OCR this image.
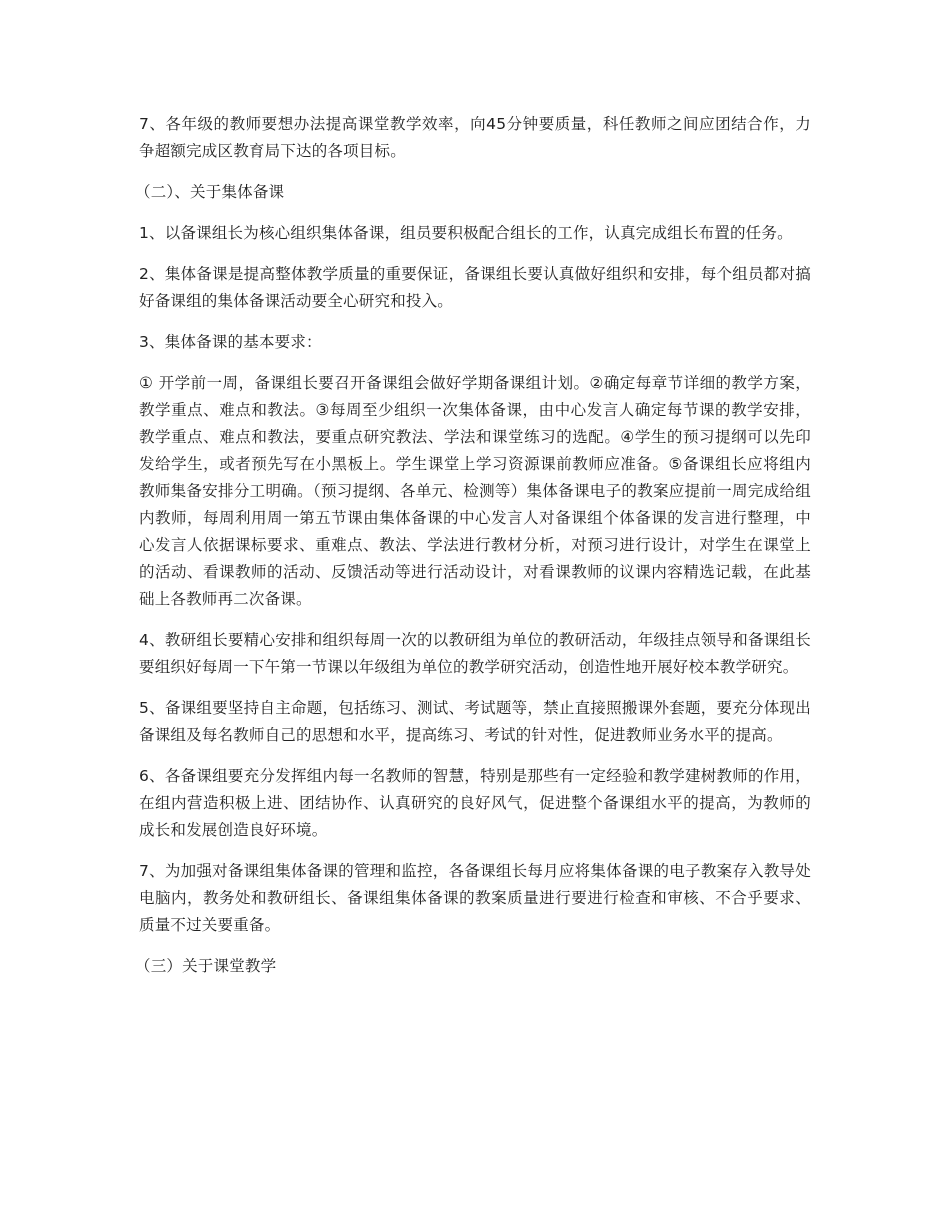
7、各年级的教师要想办法提高课堂教学效率，向45分钟要质量，科任教师之间应团结合作，力争超额完成区教育局下达的各项目标。

（二）、关于集体备课

1、以备课组长为核心组织集体备课，组员要积极配合组长的工作，认真完成组长布置的任务。

2、集体备课是提高整体教学质量的重要保证，备课组长要认真做好组织和安排，每个组员都对搞好备课组的集体备课活动要全心研究和投入。

3、集体备课的基本要求：

① 开学前一周，备课组长要召开备课组会做好学期备课组计划。②确定每章节详细的教学方案，教学重点、难点和教法。③每周至少组织一次集体备课，由中心发言人确定每节课的教学安排，教学重点、难点和教法，要重点研究教法、学法和课堂练习的选配。④学生的预习提纲可以先印发给学生，或者预先写在小黑板上。学生课堂上学习资源课前教师应准备。⑤备课组长应将组内教师集备安排分工明确。（预习提纲、各单元、检测等）集体备课电子的教案应提前一周完成给组内教师，每周利用周一第五节课由集体备课的中心发言人对备课组个体备课的发言进行整理，中心发言人依据课标要求、重难点、教法、学法进行教材分析，对预习进行设计，对学生在课堂上的活动、看课教师的活动、反馈活动等进行活动设计，对看课教师的议课内容精选记载，在此基础上各教师再二次备课。

4、教研组长要精心安排和组织每周一次的以教研组为单位的教研活动，年级挂点领导和备课组长要组织好每周一下午第一节课以年级组为单位的教学研究活动，创造性地开展好校本教学研究。

5、备课组要坚持自主命题，包括练习、测试、考试题等，禁止直接照搬课外套题，要充分体现出备课组及每名教师自己的思想和水平，提高练习、考试的针对性，促进教师业务水平的提高。

6、各备课组要充分发挥组内每一名教师的智慧，特别是那些有一定经验和教学建树教师的作用，在组内营造积极上进、团结协作、认真研究的良好风气，促进整个备课组水平的提高，为教师的成长和发展创造良好环境。

7、为加强对备课组集体备课的管理和监控，各备课组长每月应将集体备课的电子教案存入教导处电脑内，教务处和教研组长、备课组集体备课的教案质量进行要进行检查和审核、不合乎要求、质量不过关要重备。

（三）关于课堂教学
